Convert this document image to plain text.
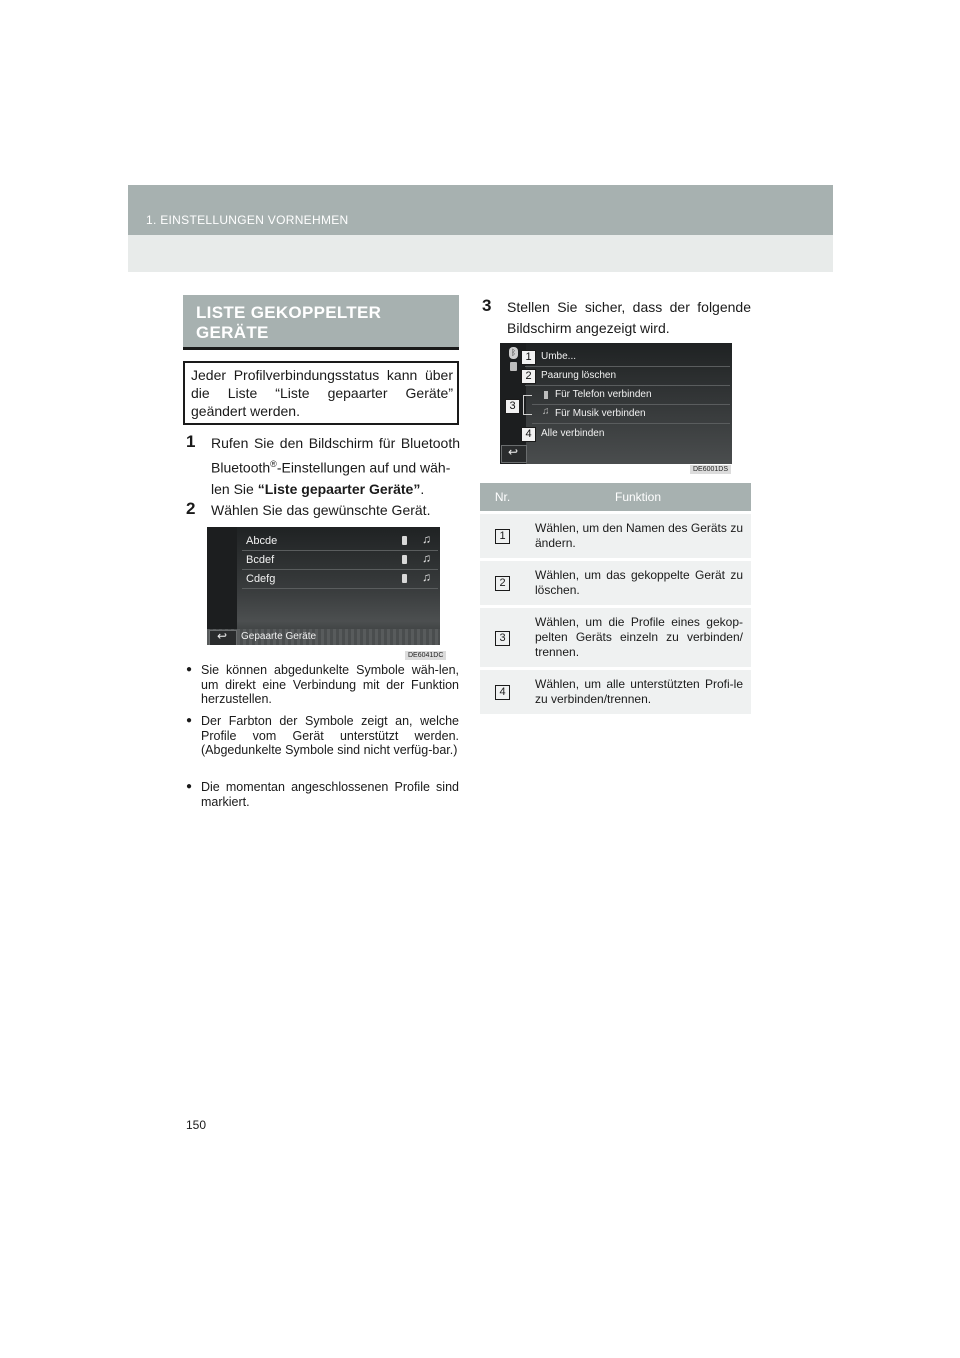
1. EINSTELLUNGEN VORNEHMEN
LISTE GEKOPPELTER GERÄTE
Jeder Profilverbindungsstatus kann über die Liste “Liste gepaarter Geräte” geändert werden.
1	Rufen Sie den Bildschirm für Bluetooth
Bluetooth®-Einstellungen auf und wäh-
len Sie “Liste gepaarter Geräte”.
2	Wählen Sie das gewünschte Gerät.
Abcde	♫
Bcdef	♫
Cdefg	♫
↩ Gepaarte Geräte
DE6041DC
● Sie können abgedunkelte Symbole wäh-len, um direkt eine Verbindung mit der Funktion herzustellen.
● Der Farbton der Symbole zeigt an, welche Profile vom Gerät unterstützt werden. (Abgedunkelte Symbole sind nicht verfüg-bar.)
● Die momentan angeschlossenen Profile sind markiert.
3	Stellen Sie sicher, dass der folgende Bildschirm angezeigt wird.
ᛒ 1 Umbe...
2 Paarung löschen
3
Für Telefon verbinden
♫ Für Musik verbinden
4 Alle verbinden
↩
DE6001DS
Nr.	Funktion
1	Wählen, um den Namen des Geräts zu ändern.
2	Wählen, um das gekoppelte Gerät zu löschen.
3	Wählen, um die Profile eines gekop-pelten Geräts einzeln zu verbinden/ trennen.
4	Wählen, um alle unterstützten Profi-le zu verbinden/trennen.
150
